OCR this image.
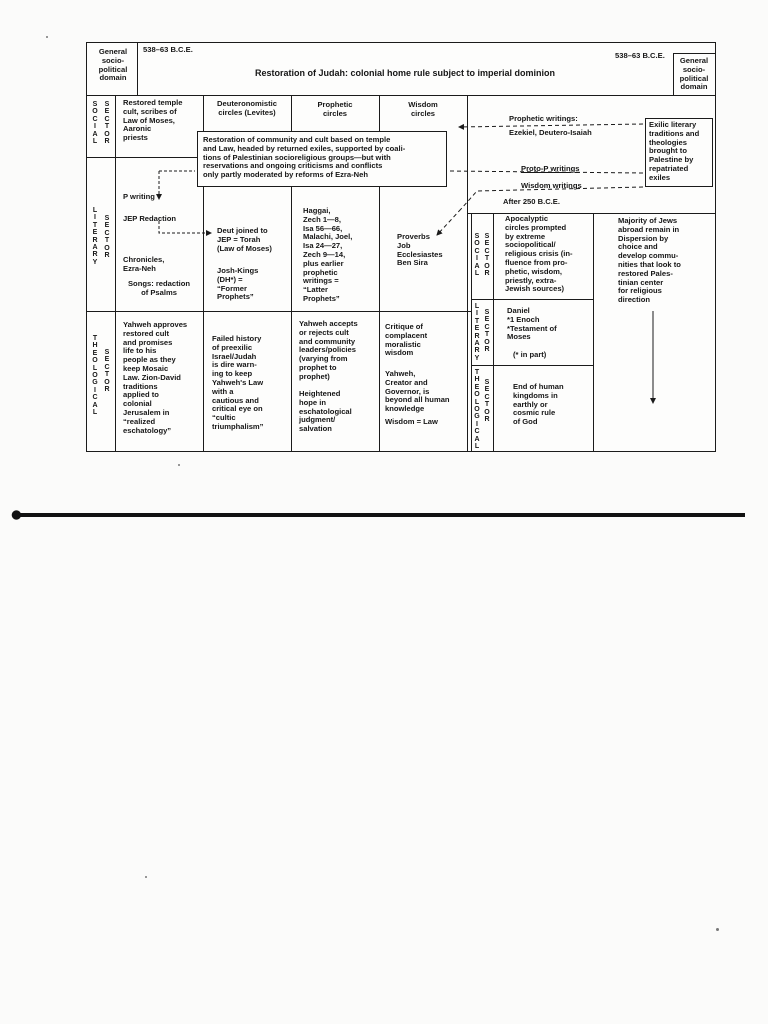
General
socio-
political
domain
538–63 B.C.E.
538–63 B.C.E.
General
socio-
political
domain
Restoration of Judah: colonial home rule subject to imperial dominion
S
O
C
I
A
L
S
E
C
T
O
R
L
I
T
E
R
A
R
Y
S
E
C
T
O
R
T
H
E
O
L
O
G
I
C
A
L
S
E
C
T
O
R
Restored temple
cult, scribes of
Law of Moses,
Aaronic
priests
Deuteronomistic
circles (Levites)
Prophetic
circles
Wisdom
circles
Prophetic writings:
Ezekiel, Deutero-Isaiah
Proto-P writings
Wisdom writings
Exilic literary
traditions and
theologies
brought to
Palestine by
repatriated
exiles
P writing
JEP Redaction
Chronicles,
Ezra-Neh
Songs: redaction
of Psalms
Deut joined to
JEP = Torah
(Law of Moses)
Josh-Kings
(DH*) =
“Former
Prophets”
Haggai,
Zech 1—8,
Isa 56—66,
Malachi, Joel,
Isa 24—27,
Zech 9—14,
plus earlier
prophetic
writings =
“Latter
Prophets”
Proverbs
Job
Ecclesiastes
Ben Sira
Yahweh approves
restored cult
and promises
life to his
people as they
keep Mosaic
Law. Zion-David
traditions
applied to
colonial
Jerusalem in
“realized
eschatology”
Failed history
of preexilic
Israel/Judah
is dire warn-
ing to keep
Yahweh's Law
with a
cautious and
critical eye on
“cultic
triumphalism”
Yahweh accepts
or rejects cult
and community
leaders/policies
(varying from
prophet to
prophet)
Heightened
hope in
eschatological
judgment/
salvation
Critique of
complacent
moralistic
wisdom
Yahweh,
Creator and
Governor, is
beyond all human
knowledge
Wisdom = Law
After 250 B.C.E.
S
O
C
I
A
L
S
E
C
T
O
R
Apocalyptic
circles prompted
by extreme
sociopolitical/
religious crisis (in-
fluence from pro-
phetic, wisdom,
priestly, extra-
Jewish sources)
L
I
T
E
R
A
R
Y
S
E
C
T
O
R
Daniel
*1 Enoch
*Testament of
Moses
(* in part)
T
H
E
O
L
O
G
I
C
A
L
S
E
C
T
O
R
End of human
kingdoms in
earthly or
cosmic rule
of God
Majority of Jews
abroad remain in
Dispersion by
choice and
develop commu-
nities that look to
restored Pales-
tinian center
for religious
direction
Restoration of community and cult based on temple
and Law, headed by returned exiles, supported by coali-
tions of Palestinian socioreligious groups—but with
reservations and ongoing criticisms and conflicts
only partly moderated by reforms of Ezra-Neh
